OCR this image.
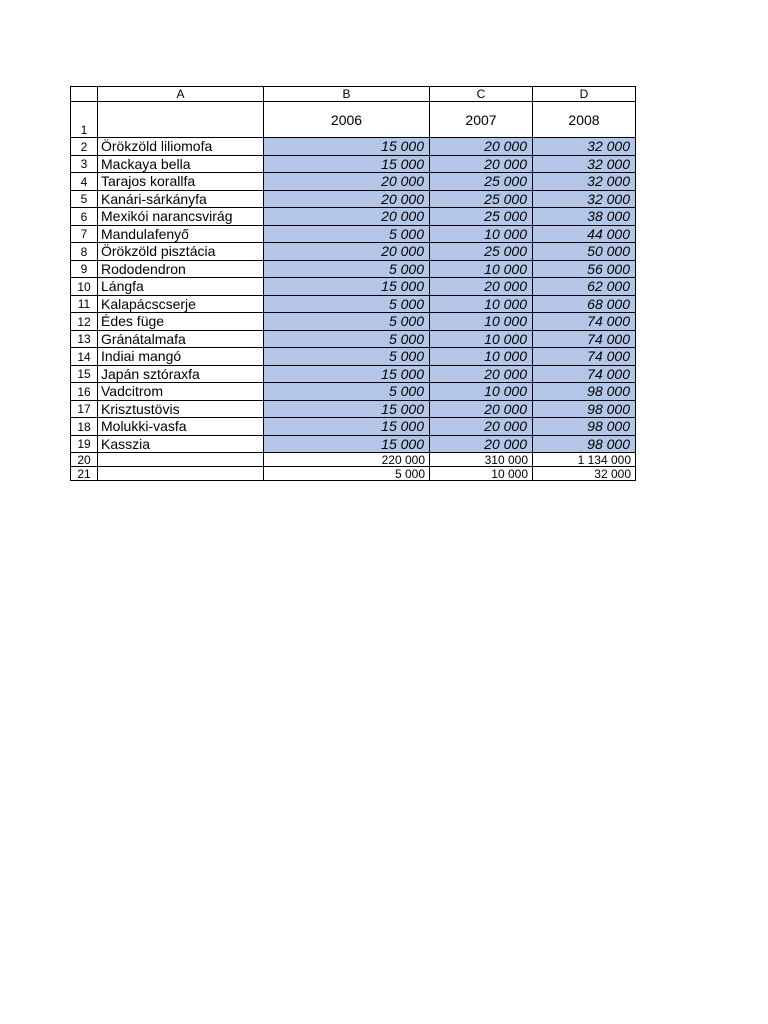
	A	B	C	D
1		2006	2007	2008
2	Örökzöld liliomofa	15 000	20 000	32 000
3	Mackaya bella	15 000	20 000	32 000
4	Tarajos korallfa	20 000	25 000	32 000
5	Kanári-sárkányfa	20 000	25 000	32 000
6	Mexikói narancsvirág	20 000	25 000	38 000
7	Mandulafenyő	5 000	10 000	44 000
8	Örökzöld pisztácia	20 000	25 000	50 000
9	Rododendron	5 000	10 000	56 000
10	Lángfa	15 000	20 000	62 000
11	Kalapácscserje	5 000	10 000	68 000
12	Édes füge	5 000	10 000	74 000
13	Gránátalmafa	5 000	10 000	74 000
14	Indiai mangó	5 000	10 000	74 000
15	Japán sztóraxfa	15 000	20 000	74 000
16	Vadcitrom	5 000	10 000	98 000
17	Krisztustövis	15 000	20 000	98 000
18	Molukki-vasfa	15 000	20 000	98 000
19	Kasszia	15 000	20 000	98 000
20		220 000	310 000	1 134 000
21		5 000	10 000	32 000
